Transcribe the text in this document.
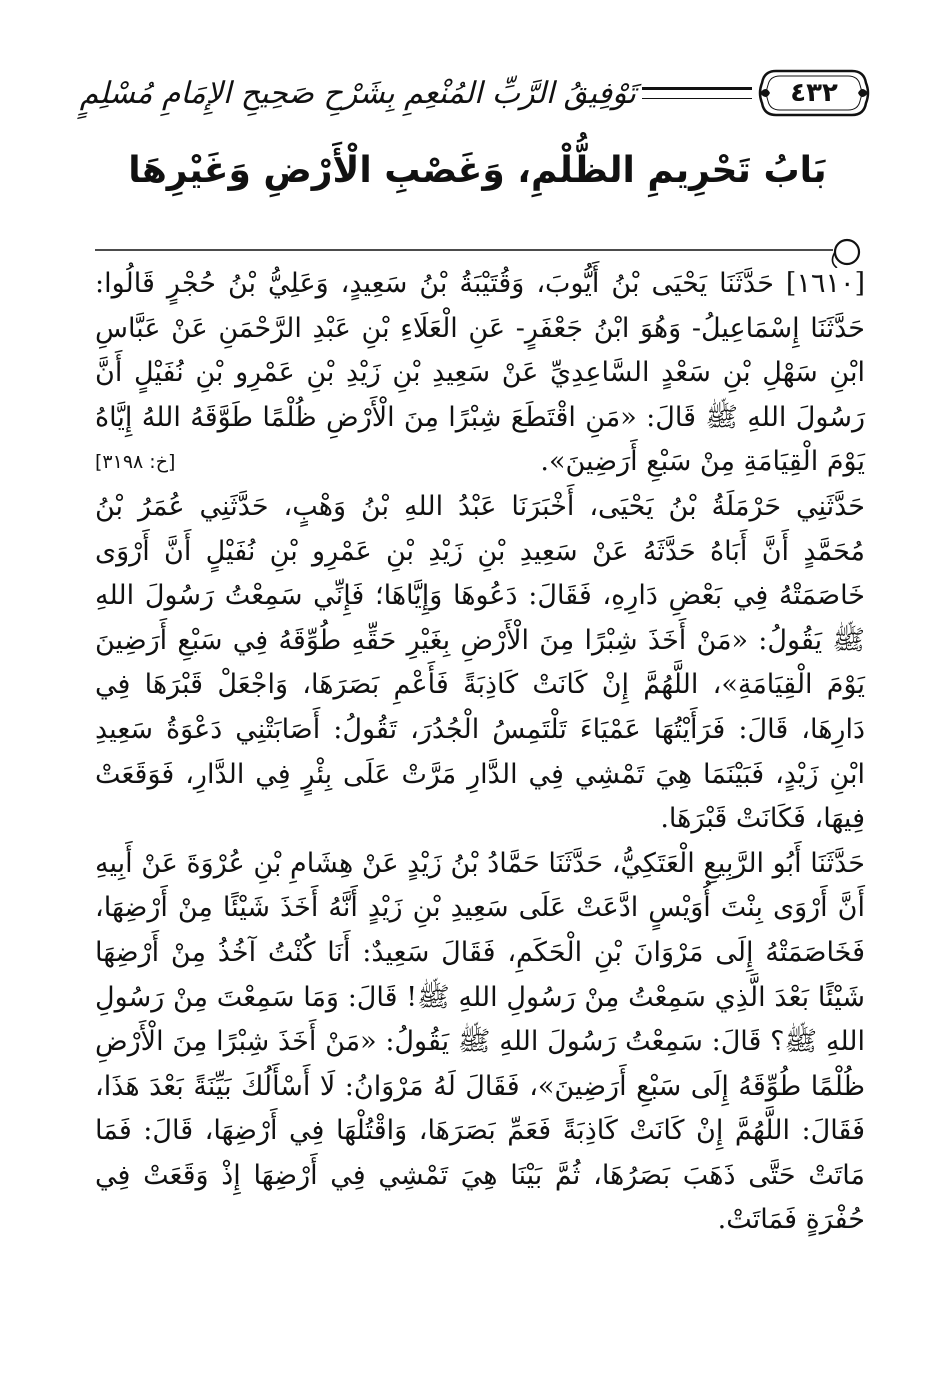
٤٣٢
تَوْفِيقُ الرَّبِّ المُنْعِمِ بِشَرْحِ صَحِيحِ الإِمَامِ مُسْلِمٍ
بَابُ تَحْرِيمِ الظُّلْمِ، وَغَصْبِ الْأَرْضِ وَغَيْرِهَا

[١٦١٠] حَدَّثَنَا يَحْيَى بْنُ أَيُّوبَ، وَقُتَيْبَةُ بْنُ سَعِيدٍ، وَعَلِيُّ بْنُ حُجْرٍ قَالُوا: حَدَّثَنَا إِسْمَاعِيلُ- وَهُوَ ابْنُ جَعْفَرٍ- عَنِ الْعَلَاءِ بْنِ عَبْدِ الرَّحْمَنِ عَنْ عَبَّاسِ ابْنِ سَهْلِ بْنِ سَعْدٍ السَّاعِدِيِّ عَنْ سَعِيدِ بْنِ زَيْدِ بْنِ عَمْرِو بْنِ نُفَيْلٍ أَنَّ رَسُولَ اللهِ ﷺ قَالَ: «مَنِ اقْتَطَعَ شِبْرًا مِنَ الْأَرْضِ ظُلْمًا طَوَّقَهُ اللهُ إِيَّاهُ يَوْمَ الْقِيَامَةِ مِنْ سَبْعِ أَرَضِينَ».
[خ: ٣١٩٨]

حَدَّثَنِي حَرْمَلَةُ بْنُ يَحْيَى، أَخْبَرَنَا عَبْدُ اللهِ بْنُ وَهْبٍ، حَدَّثَنِي عُمَرُ بْنُ مُحَمَّدٍ أَنَّ أَبَاهُ حَدَّثَهُ عَنْ سَعِيدِ بْنِ زَيْدِ بْنِ عَمْرِو بْنِ نُفَيْلٍ أَنَّ أَرْوَى خَاصَمَتْهُ فِي بَعْضِ دَارِهِ، فَقَالَ: دَعُوهَا وَإِيَّاهَا؛ فَإِنِّي سَمِعْتُ رَسُولَ اللهِ ﷺ يَقُولُ: «مَنْ أَخَذَ شِبْرًا مِنَ الْأَرْضِ بِغَيْرِ حَقِّهِ طُوِّقَهُ فِي سَبْعِ أَرَضِينَ يَوْمَ الْقِيَامَةِ»، اللَّهُمَّ إِنْ كَانَتْ كَاذِبَةً فَأَعْمِ بَصَرَهَا، وَاجْعَلْ قَبْرَهَا فِي دَارِهَا، قَالَ: فَرَأَيْتُهَا عَمْيَاءَ تَلْتَمِسُ الْجُدُرَ، تَقُولُ: أَصَابَتْنِي دَعْوَةُ سَعِيدِ ابْنِ زَيْدٍ، فَبَيْنَمَا هِيَ تَمْشِي فِي الدَّارِ مَرَّتْ عَلَى بِئْرٍ فِي الدَّارِ، فَوَقَعَتْ فِيهَا، فَكَانَتْ قَبْرَهَا.

حَدَّثَنَا أَبُو الرَّبِيعِ الْعَتَكِيُّ، حَدَّثَنَا حَمَّادُ بْنُ زَيْدٍ عَنْ هِشَامِ بْنِ عُرْوَةَ عَنْ أَبِيهِ أَنَّ أَرْوَى بِنْتَ أُوَيْسٍ ادَّعَتْ عَلَى سَعِيدِ بْنِ زَيْدٍ أَنَّهُ أَخَذَ شَيْئًا مِنْ أَرْضِهَا، فَخَاصَمَتْهُ إِلَى مَرْوَانَ بْنِ الْحَكَمِ، فَقَالَ سَعِيدٌ: أَنَا كُنْتُ آخُذُ مِنْ أَرْضِهَا شَيْئًا بَعْدَ الَّذِي سَمِعْتُ مِنْ رَسُولِ اللهِ ﷺ! قَالَ: وَمَا سَمِعْتَ مِنْ رَسُولِ اللهِ ﷺ؟ قَالَ: سَمِعْتُ رَسُولَ اللهِ ﷺ يَقُولُ: «مَنْ أَخَذَ شِبْرًا مِنَ الْأَرْضِ ظُلْمًا طُوِّقَهُ إِلَى سَبْعِ أَرَضِينَ»، فَقَالَ لَهُ مَرْوَانُ: لَا أَسْأَلُكَ بَيِّنَةً بَعْدَ هَذَا، فَقَالَ: اللَّهُمَّ إِنْ كَانَتْ كَاذِبَةً فَعَمِّ بَصَرَهَا، وَاقْتُلْهَا فِي أَرْضِهَا، قَالَ: فَمَا مَاتَتْ حَتَّى ذَهَبَ بَصَرُهَا، ثُمَّ بَيْنَا هِيَ تَمْشِي فِي أَرْضِهَا إِذْ وَقَعَتْ فِي حُفْرَةٍ فَمَاتَتْ.
